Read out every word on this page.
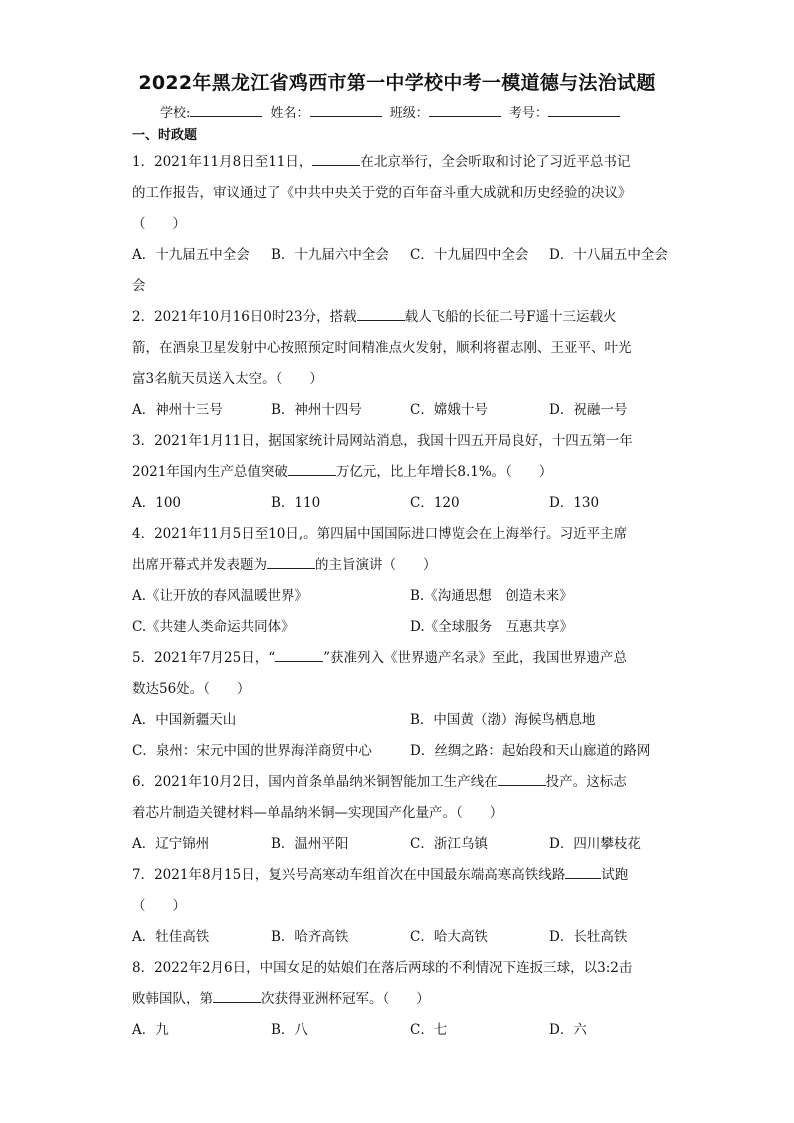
2022年黑龙江省鸡西市第一中学校中考一模道德与法治试题
学校:	姓名：	班级：	考号：
一、时政题
1．2021年11月8日至11日，	在北京举行，全会听取和讨论了习近平总书记
的工作报告，审议通过了《中共中央关于党的百年奋斗重大成就和历史经验的决议》
（　　）
A．十九届五中全会	B．十九届六中全会	C．十九届四中全会	D．十八届五中全会
会
2．2021年10月16日0时23分，搭载	载人飞船的长征二号F遥十三运载火
箭，在酒泉卫星发射中心按照预定时间精准点火发射，顺利将翟志刚、王亚平、叶光
富3名航天员送入太空。（　　）
A．神州十三号	B．神州十四号	C．嫦娥十号	D．祝融一号
3．2021年1月11日，据国家统计局网站消息，我国十四五开局良好，十四五第一年
2021年国内生产总值突破	万亿元，比上年增长8.1%。（　　）
A．100	B．110	C．120	D．130
4．2021年11月5日至10日,。第四届中国国际进口博览会在上海举行。习近平主席
出席开幕式并发表题为	的主旨演讲（　　）
A.《让开放的春风温暖世界》	B.《沟通思想　创造未来》
C.《共建人类命运共同体》	D.《全球服务　互惠共享》
5．2021年7月25日，“	”获准列入《世界遗产名录》至此，我国世界遗产总
数达56处。（　　）
A．中国新疆天山	B．中国黄（渤）海候鸟栖息地
C．泉州：宋元中国的世界海洋商贸中心	D．丝绸之路：起始段和天山廊道的路网
6．2021年10月2日，国内首条单晶纳米铜智能加工生产线在	投产。这标志
着芯片制造关键材料—单晶纳米铜—实现国产化量产。（　　）
A．辽宁锦州	B．温州平阳	C．浙江乌镇	D．四川攀枝花
7．2021年8月15日，复兴号高寒动车组首次在中国最东端高寒高铁线路	试跑
（　　）
A．牡佳高铁	B．哈齐高铁	C．哈大高铁	D．长牡高铁
8．2022年2月6日，中国女足的姑娘们在落后两球的不利情况下连扳三球，以3:2击
败韩国队，第	次获得亚洲杯冠军。（　　）
A．九	B．八	C．七	D．六
